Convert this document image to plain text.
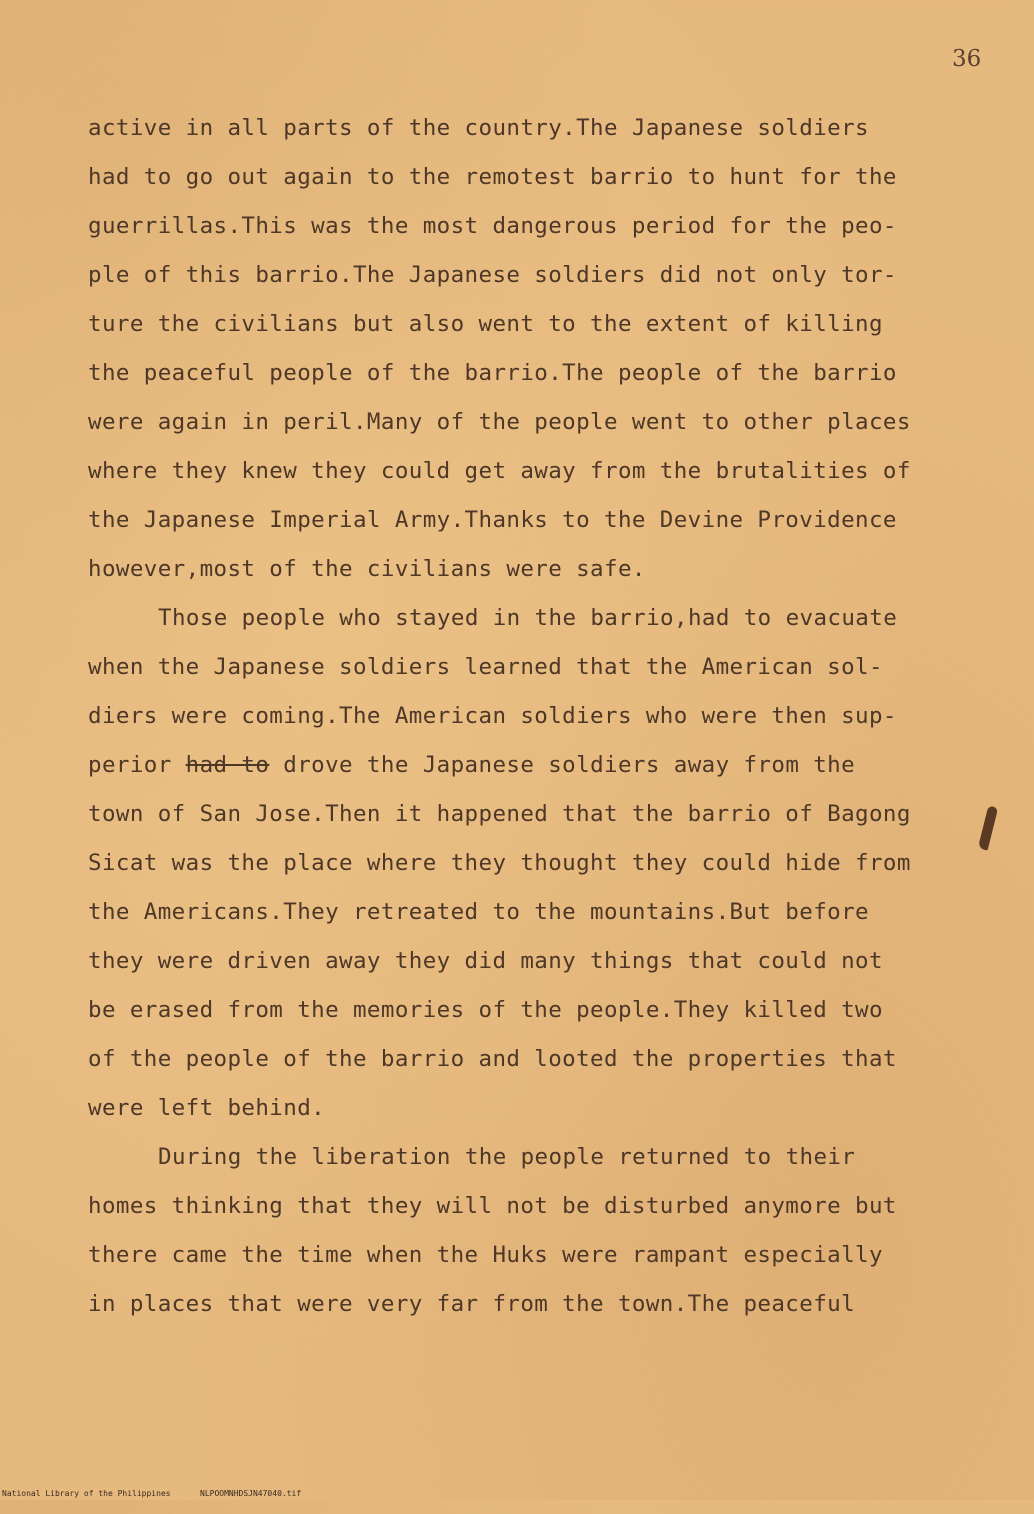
36
active in all parts of the country.The Japanese soldiers
had to go out again to the remotest barrio to hunt for the
guerrillas.This was the most dangerous period for the peo-
ple of this barrio.The Japanese soldiers did not only tor-
ture the civilians but also went to the extent of killing
the peaceful people of the barrio.The people of the barrio
were again in peril.Many of the people went to other places
where they knew they could get away from the brutalities of
the Japanese Imperial Army.Thanks to the Devine Providence
however,most of the civilians were safe.
Those people who stayed in the barrio,had to evacuate
when the Japanese soldiers learned that the American sol-
diers were coming.The American soldiers who were then sup-
perior had to drove the Japanese soldiers away from the
town of San Jose.Then it happened that the barrio of Bagong
Sicat was the place where they thought they could hide from
the Americans.They retreated to the mountains.But before
they were driven away they did many things that could not
be erased from the memories of the people.They killed two
of the people of the barrio and looted the properties that
were left behind.
During the liberation the people returned to their
homes thinking that they will not be disturbed anymore but
there came the time when the Huks were rampant especially
in places that were very far from the town.The peaceful

National Library of the Philippines

	NLPOOMNHDSJN47040.tif
